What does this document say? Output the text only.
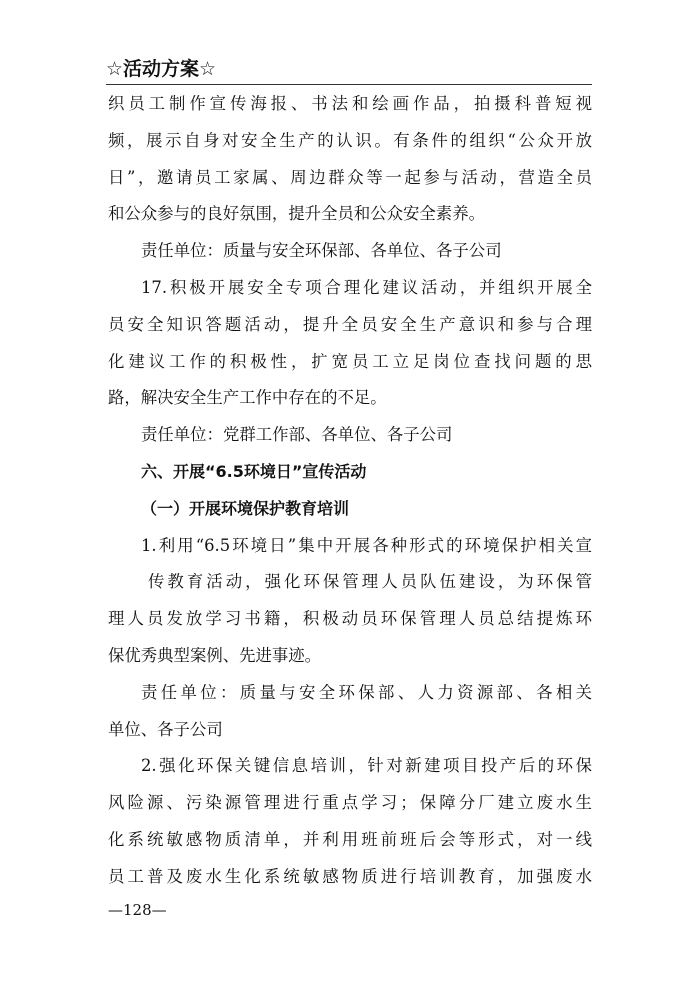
☆活动方案☆

织员工制作宣传海报、书法和绘画作品，拍摄科普短视

频，展示自身对安全生产的认识。有条件的组织“公众开放

日”，邀请员工家属、周边群众等一起参与活动，营造全员

和公众参与的良好氛围，提升全员和公众安全素养。

责任单位：质量与安全环保部、各单位、各子公司

17.积极开展安全专项合理化建议活动，并组织开展全

员安全知识答题活动，提升全员安全生产意识和参与合理

化建议工作的积极性，扩宽员工立足岗位查找问题的思

路，解决安全生产工作中存在的不足。

责任单位：党群工作部、各单位、各子公司

六、开展“6.5环境日”宣传活动

（一）开展环境保护教育培训

1.利用“6.5环境日”集中开展各种形式的环境保护相关宣

传教育活动，强化环保管理人员队伍建设，为环保管

理人员发放学习书籍，积极动员环保管理人员总结提炼环

保优秀典型案例、先进事迹。

责任单位：质量与安全环保部、人力资源部、各相关

单位、各子公司

2.强化环保关键信息培训，针对新建项目投产后的环保

风险源、污染源管理进行重点学习；保障分厂建立废水生

化系统敏感物质清单，并利用班前班后会等形式，对一线

员工普及废水生化系统敏感物质进行培训教育，加强废水

—128—
